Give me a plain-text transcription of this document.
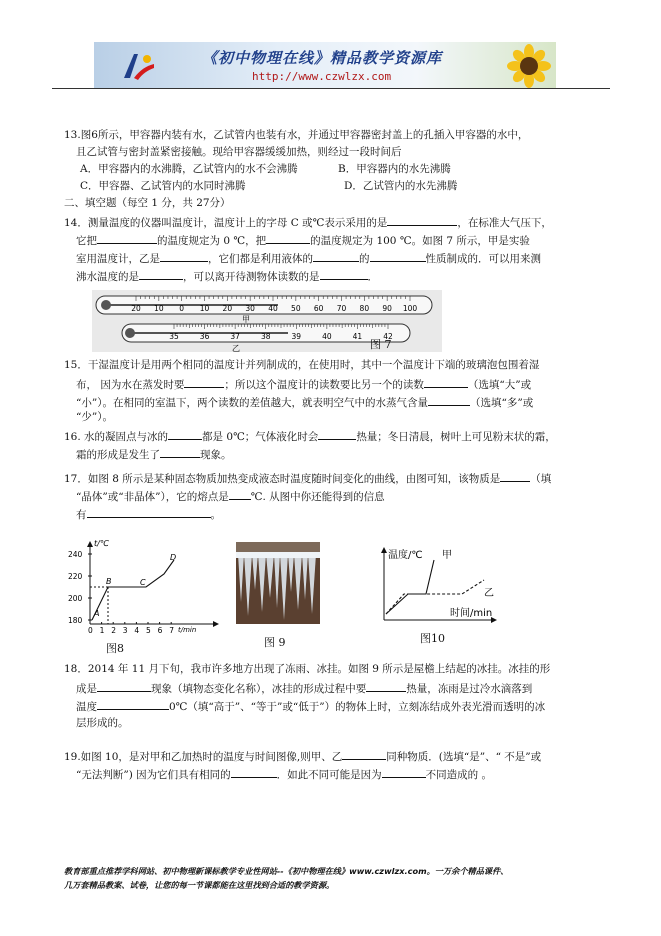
《初中物理在线》精品教学资源库
http://www.czwlzx.com
13.图6所示，甲容器内装有水，乙试管内也装有水，并通过甲容器密封盖上的孔插入甲容器的水中，
且乙试管与密封盖紧密接触。现给甲容器缓缓加热，则经过一段时间后
A．甲容器内的水沸腾，乙试管内的水不会沸腾	B．甲容器内的水先沸腾
C．甲容器、乙试管内的水同时沸腾	D．乙试管内的水先沸腾
二、填空题（每空 1 分，共 27分）
14．测量温度的仪器叫温度计，温度计上的字母 C 或℃表示采用的是	，在标准大气压下，
它把	的温度规定为 0 ℃，把	的温度规定为 100 ℃。如图 7 所示，甲是实验
室用温度计，乙是	，它们都是利用液体的	的	性质制成的．可以用来测
沸水温度的是	，可以离开待测物体读数的是	．
20 10 0 10 20 30 40 50 60 70 80 90 100
35	36	37	38	39	40	41	42
甲
乙	图 7
15．干湿温度计是用两个相同的温度计并列制成的，在使用时，其中一个温度计下端的玻璃泡包围着湿
布， 因为水在蒸发时要	；所以这个温度计的读数要比另一个的读数	（选填“大”或
“小”）。在相同的室温下，两个读数的差值越大，就表明空气中的水蒸气含量	（选填“多”或
“少”）。
16. 水的凝固点与冰的	都是 0℃；气体液化时会	热量；冬日清晨，树叶上可见粉末状的霜，
霜的形成是发生了	现象。
17．如图 8 所示是某种固态物质加热变成液态时温度随时间变化的曲线，由图可知，该物质是	（填
“晶体”或“非晶体”），它的熔点是 ℃. 从图中你还能得到的信息
有	。
t/℃
t/min
180
200
220
240
0 1 2 3 4 5 6 7
A
B	C
D
图8	图 9
温度/℃
时间/min
甲
乙
图10
18．2014 年 11 月下旬，我市许多地方出现了冻雨、冰挂。如图 9 所示是屋檐上结起的冰挂。冰挂的形
成是	现象（填物态变化名称），冰挂的形成过程中要	热量，冻雨是过冷水滴落到
温度	0℃（填“高于”、“等于”或“低于”）的物体上时，立刻冻结成外表光滑而透明的冰
层形成的。
19.如图 10，是对甲和乙加热时的温度与时间图像,则甲、乙	同种物质．(选填“是”、“ 不是”或
“无法判断”) 因为它们具有相同的	．如此不同可能是因为	不同造成的 。
教育部重点推荐学科网站、初中物理新课标教学专业性网站--《初中物理在线》www.czwlzx.com。一万余个精品课件、
几万套精品教案、试卷，让您的每一节课都能在这里找到合适的教学资源。
